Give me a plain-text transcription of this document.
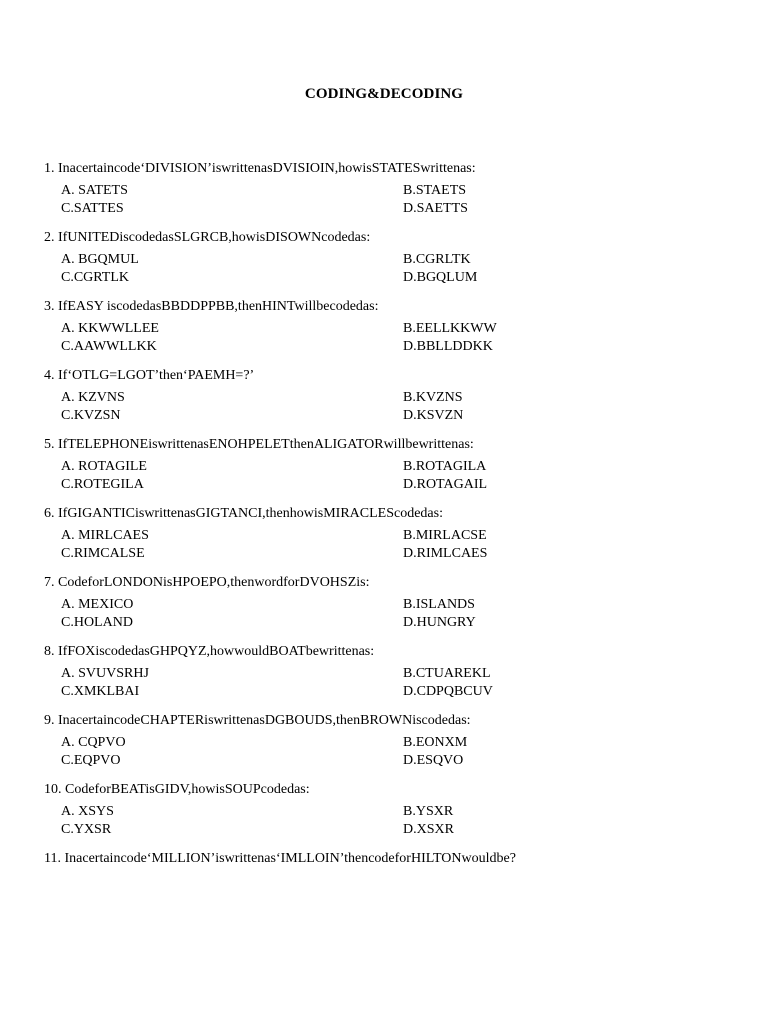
CODING&DECODING
1. Inacertaincode‘DIVISION’iswrittenasDVISIOIN,howisSTATESwrittenas:
A. SATETS	B.STAETS
C.SATTES	D.SAETTS
2. IfUNITEDiscodedasSLGRCB,howisDISOWNcodedas:
A. BGQMUL	B.CGRLTK
C.CGRTLK	D.BGQLUM
3. IfEASY iscodedasBBDDPPBB,thenHINTwillbecodedas:
A. KKWWLLEE	B.EELLKKWW
C.AAWWLLKK	D.BBLLDDKK
4. If‘OTLG=LGOT’then‘PAEMH=?’
A. KZVNS	B.KVZNS
C.KVZSN	D.KSVZN
5. IfTELEPHONEiswrittenasENOHPELETthenALIGATORwillbewrittenas:
A. ROTAGILE	B.ROTAGILA
C.ROTEGILA	D.ROTAGAIL
6. IfGIGANTICiswrittenasGIGTANCI,thenhowisMIRACLEScodedas:
A. MIRLCAES	B.MIRLACSE
C.RIMCALSE	D.RIMLCAES
7. CodeforLONDONisHPOEPO,thenwordforDVOHSZis:
A. MEXICO	B.ISLANDS
C.HOLAND	D.HUNGRY
8. IfFOXiscodedasGHPQYZ,howwouldBOATbewrittenas:
A. SVUVSRHJ	B.CTUAREKL
C.XMKLBAI	D.CDPQBCUV
9. InacertaincodeCHAPTERiswrittenasDGBOUDS,thenBROWNiscodedas:
A. CQPVO	B.EONXM
C.EQPVO	D.ESQVO
10. CodeforBEATisGIDV,howisSOUPcodedas:
A. XSYS	B.YSXR
C.YXSR	D.XSXR
11. Inacertaincode‘MILLION’iswrittenas‘IMLLOIN’thencodeforHILTONwouldbe?
